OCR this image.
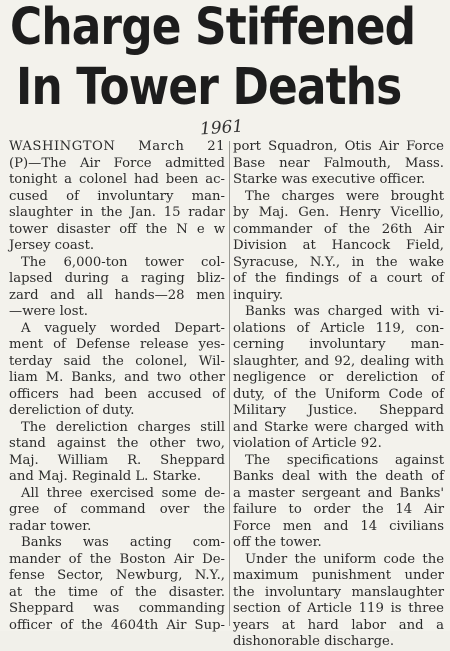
Charge Stiffened
In Tower Deaths
1961
WASHINGTON March 21
(P)—The Air Force admitted
tonight a colonel had been ac-
cused of involuntary man-
slaughter in the Jan. 15 radar
tower disaster off the N e w
Jersey coast.
The 6,000-ton tower col-
lapsed during a raging bliz-
zard and all hands—28 men
—were lost.
A vaguely worded Depart-
ment of Defense release yes-
terday said the colonel, Wil-
liam M. Banks, and two other
officers had been accused of
dereliction of duty.
The dereliction charges still
stand against the other two,
Maj. William R. Sheppard
and Maj. Reginald L. Starke.
All three exercised some de-
gree of command over the
radar tower.
Banks was acting com-
mander of the Boston Air De-
fense Sector, Newburg, N.Y.,
at the time of the disaster.
Sheppard was commanding
officer of the 4604th Air Sup-
port Squadron, Otis Air Force
Base near Falmouth, Mass.
Starke was executive officer.
The charges were brought
by Maj. Gen. Henry Vicellio,
commander of the 26th Air
Division at Hancock Field,
Syracuse, N.Y., in the wake
of the findings of a court of
inquiry.
Banks was charged with vi-
olations of Article 119, con-
cerning involuntary man-
slaughter, and 92, dealing with
negligence or dereliction of
duty, of the Uniform Code of
Military Justice. Sheppard
and Starke were charged with
violation of Article 92.
The specifications against
Banks deal with the death of
a master sergeant and Banks'
failure to order the 14 Air
Force men and 14 civilians
off the tower.
Under the uniform code the
maximum punishment under
the involuntary manslaughter
section of Article 119 is three
years at hard labor and a
dishonorable discharge.
